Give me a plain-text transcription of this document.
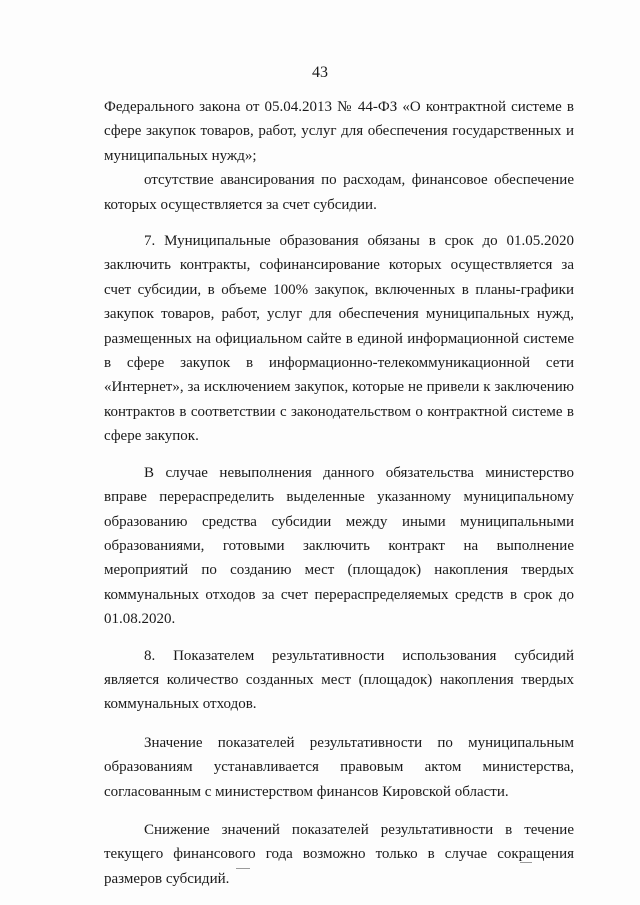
43

Федерального закона от 05.04.2013 № 44-ФЗ «О контрактной системе в сфере закупок товаров, работ, услуг для обеспечения государственных и муниципальных нужд»;

отсутствие авансирования по расходам, финансовое обеспечение которых осуществляется за счет субсидии.

7. Муниципальные образования обязаны в срок до 01.05.2020 заключить контракты, софинансирование которых осуществляется за счет субсидии, в объеме 100% закупок, включенных в планы-графики закупок товаров, работ, услуг для обеспечения муниципальных нужд, размещенных на официальном сайте в единой информационной системе в сфере закупок в информационно-телекоммуникационной сети «Интернет», за исключением закупок, которые не привели к заключению контрактов в соответствии с законодательством о контрактной системе в сфере закупок.

В случае невыполнения данного обязательства министерство вправе перераспределить выделенные указанному муниципальному образованию средства субсидии между иными муниципальными образованиями, готовыми заключить контракт на выполнение мероприятий по созданию мест (площадок) накопления твердых коммунальных отходов за счет перераспределяемых средств в срок до 01.08.2020.

8. Показателем результативности использования субсидий является количество созданных мест (площадок) накопления твердых коммунальных отходов.

Значение показателей результативности по муниципальным образованиям устанавливается правовым актом министерства, согласованным с министерством финансов Кировской области.

Снижение значений показателей результативности в течение текущего финансового года возможно только в случае сокращения размеров субсидий.
